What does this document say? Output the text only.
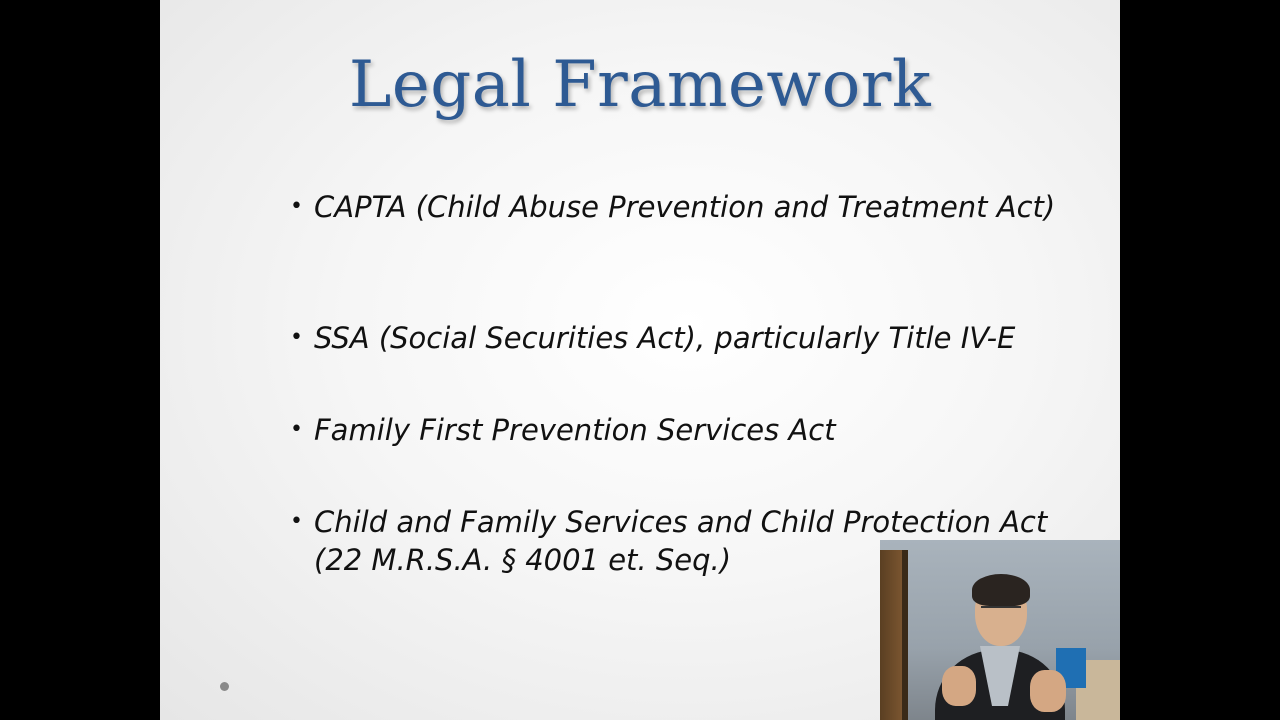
Legal Framework
• CAPTA (Child Abuse Prevention and Treatment Act)
• SSA (Social Securities Act), particularly Title IV-E
• Family First Prevention Services Act
• Child and Family Services and Child Protection Act (22 M.R.S.A. § 4001 et. Seq.)
